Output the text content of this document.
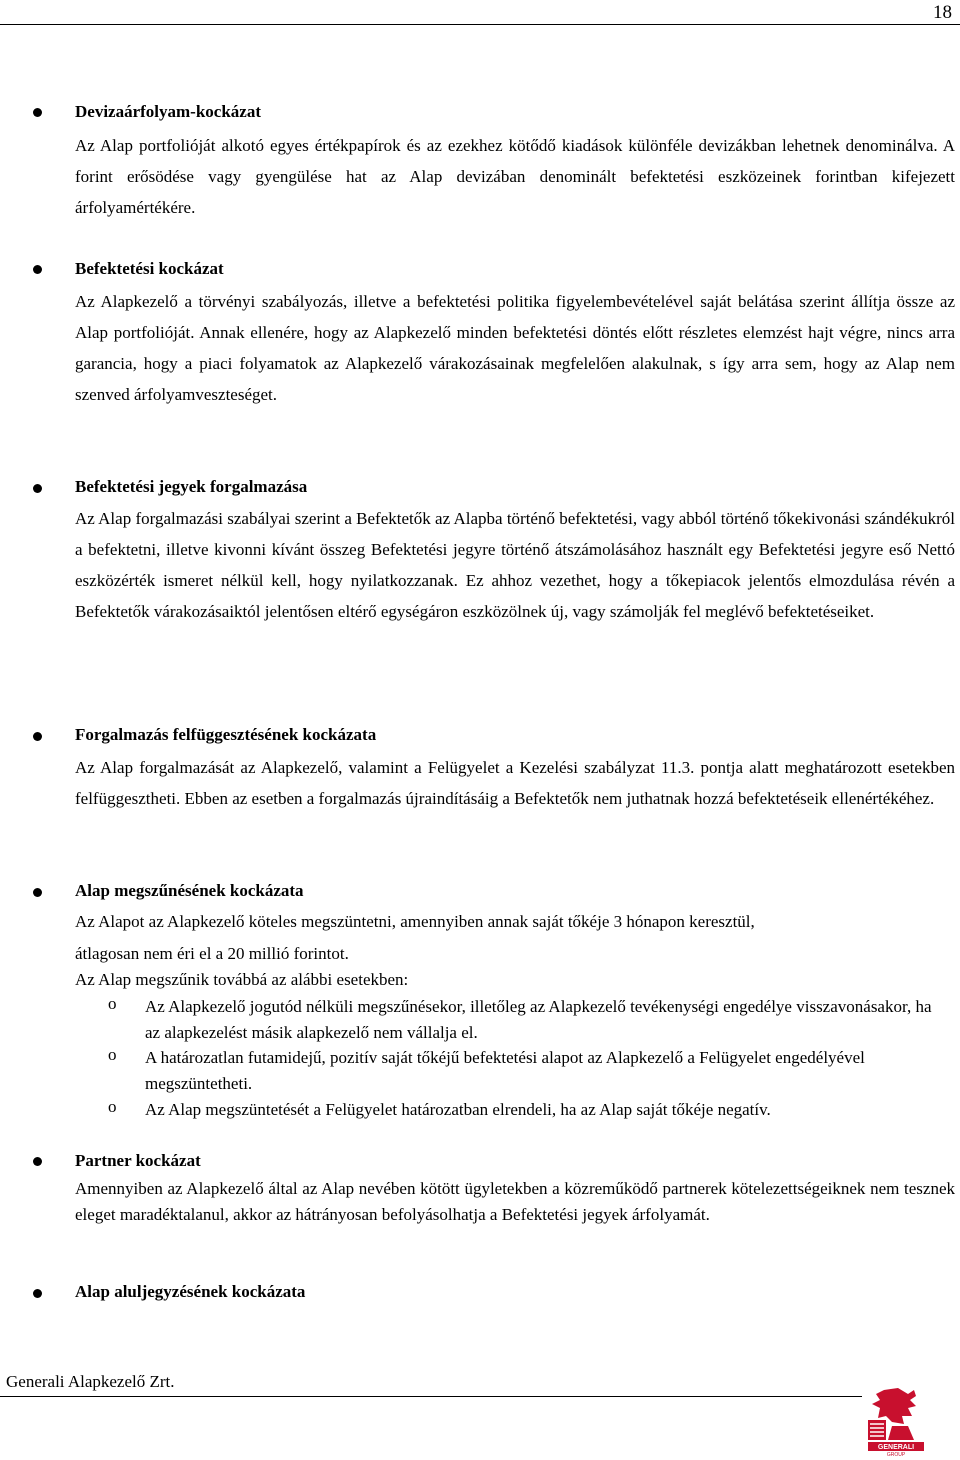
18
Devizaárfolyam-kockázat

Az Alap portfolióját alkotó egyes értékpapírok és az ezekhez kötődő kiadások különféle devizákban lehetnek denominálva. A forint erősödése vagy gyengülése hat az Alap devizában denominált befektetési eszközeinek forintban kifejezett árfolyamértékére.

Befektetési kockázat

Az Alapkezelő a törvényi szabályozás, illetve a befektetési politika figyelembevételével saját belátása szerint állítja össze az Alap portfolióját. Annak ellenére, hogy az Alapkezelő minden befektetési döntés előtt részletes elemzést hajt végre, nincs arra garancia, hogy a piaci folyamatok az Alapkezelő várakozásainak megfelelően alakulnak, s így arra sem, hogy az Alap nem szenved árfolyamveszteséget.

Befektetési jegyek forgalmazása

Az Alap forgalmazási szabályai szerint a Befektetők az Alapba történő befektetési, vagy abból történő tőkekivonási szándékukról a befektetni, illetve kivonni kívánt összeg Befektetési jegyre történő átszámolásához használt egy Befektetési jegyre eső Nettó eszközérték ismeret nélkül kell, hogy nyilatkozzanak. Ez ahhoz vezethet, hogy a tőkepiacok jelentős elmozdulása révén a Befektetők várakozásaiktól jelentősen eltérő egységáron eszközölnek új, vagy számolják fel meglévő befektetéseiket.

Forgalmazás felfüggesztésének kockázata

Az Alap forgalmazását az Alapkezelő, valamint a Felügyelet a Kezelési szabályzat 11.3. pontja alatt meghatározott esetekben felfüggesztheti. Ebben az esetben a forgalmazás újraindításáig a Befektetők nem juthatnak hozzá befektetéseik ellenértékéhez.

Alap megszűnésének kockázata
Az Alapot az Alapkezelő köteles megszüntetni, amennyiben annak saját tőkéje 3 hónapon keresztül,
átlagosan nem éri el a 20 millió forintot.
Az Alap megszűnik továbbá az alábbi esetekben:
o Az Alapkezelő jogutód nélküli megszűnésekor, illetőleg az Alapkezelő tevékenységi engedélye visszavonásakor, ha az alapkezelést másik alapkezelő nem vállalja el.

o A határozatlan futamidejű, pozitív saját tőkéjű befektetési alapot az Alapkezelő a Felügyelet engedélyével megszüntetheti.

o Az Alap megszüntetését a Felügyelet határozatban elrendeli, ha az Alap saját tőkéje negatív.

Partner kockázat

Amennyiben az Alapkezelő által az Alap nevében kötött ügyletekben a közreműködő partnerek kötelezettségeiknek nem tesznek eleget maradéktalanul, akkor az hátrányosan befolyásolhatja a Befektetési jegyek árfolyamát.

Alap aluljegyzésének kockázata
Generali Alapkezelő Zrt.
GENERALI
GROUP
